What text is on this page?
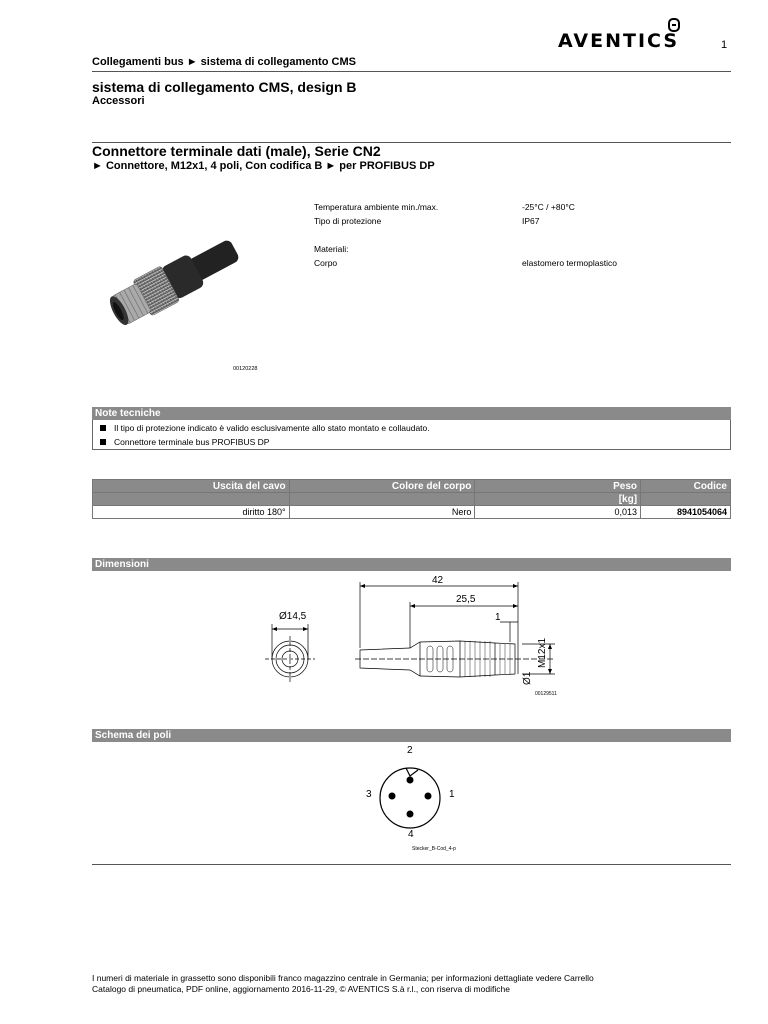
1
AVENTICS
Collegamenti bus ► sistema di collegamento CMS
sistema di collegamento CMS, design B
Accessori
Connettore terminale dati (male), Serie CN2
► Connettore, M12x1, 4 poli, Con codifica B ► per PROFIBUS DP
00120228
Temperatura ambiente min./max.	-25°C / +80°C
Tipo di protezione	IP67
Materiali:
Corpo	elastomero termoplastico
Note tecniche
Il tipo di protezione indicato è valido esclusivamente allo stato montato e collaudato.
Connettore terminale bus PROFIBUS DP
Uscita del cavo	Colore del corpo	Peso	Codice
		[kg]	
diritto 180°	Nero	0,013	8941054064
Dimensioni
Ø14,5
42
25,5
1
M12x1
Ø1
00129511
Schema dei poli
2
3	1
4
Stecker_B-Cod_4-p
I numeri di materiale in grassetto sono disponibili franco magazzino centrale in Germania; per informazioni dettagliate vedere Carrello
Catalogo di pneumatica, PDF online, aggiornamento 2016-11-29, © AVENTICS S.à r.l., con riserva di modifiche
